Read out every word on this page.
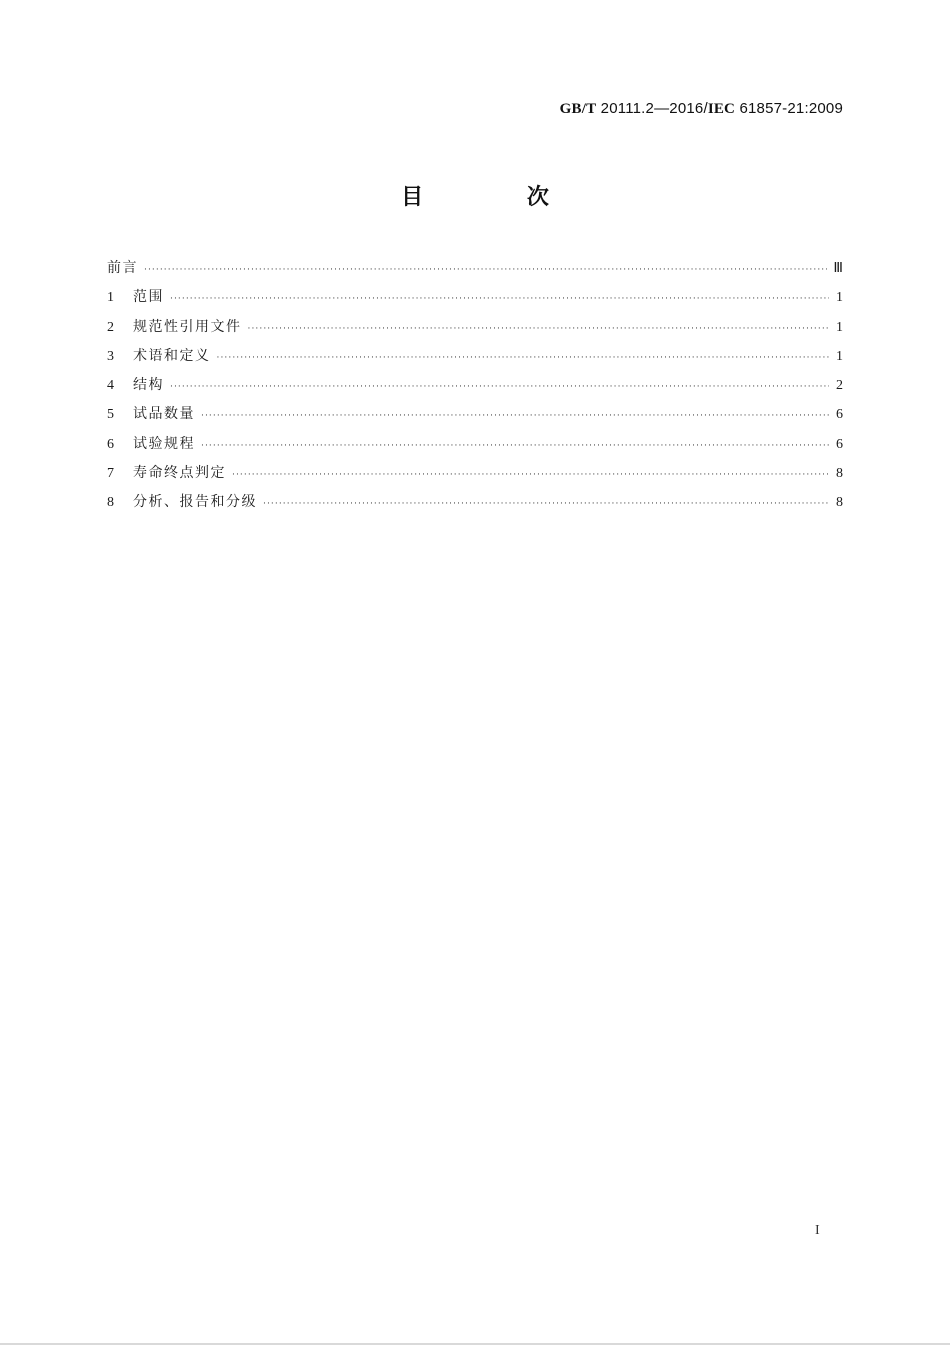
GB/T 20111.2—2016/IEC 61857-21:2009
目 次
前言 ·····	Ⅲ
1	范围 ·····	1
2	规范性引用文件 ·····	1
3	术语和定义 ·····	1
4	结构 ·····	2
5	试品数量 ·····	6
6	试验规程 ·····	6
7	寿命终点判定 ·····	8
8	分析、报告和分级 ·····	8
I
